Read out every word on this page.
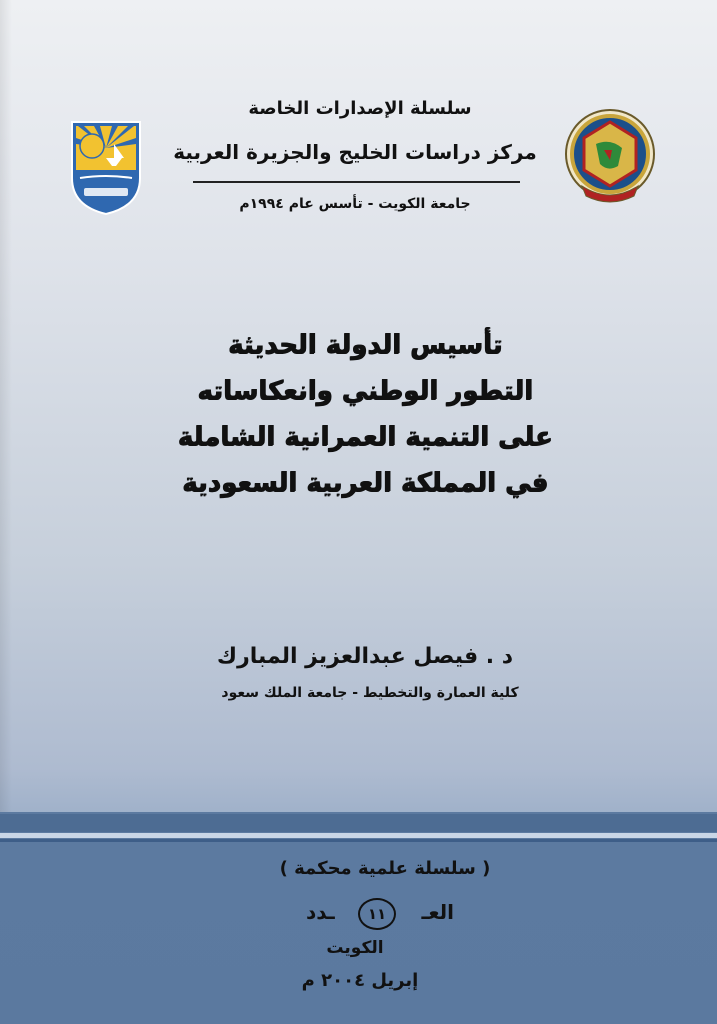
سلسلة الإصدارات الخاصة
مركز دراسات الخليج والجزيرة العربية
جامعة الكويت - تأسس عام ١٩٩٤م
تأسيس الدولة الحديثة
التطور الوطني وانعكاساته
على التنمية العمرانية الشاملة
في المملكة العربية السعودية
د . فيصل عبدالعزيز المبارك
كلية العمارة والتخطيط - جامعة الملك سعود
( سلسلة علمية محكمة )
العـ
١١
ـدد
الكويت
إبريل ٢٠٠٤ م
